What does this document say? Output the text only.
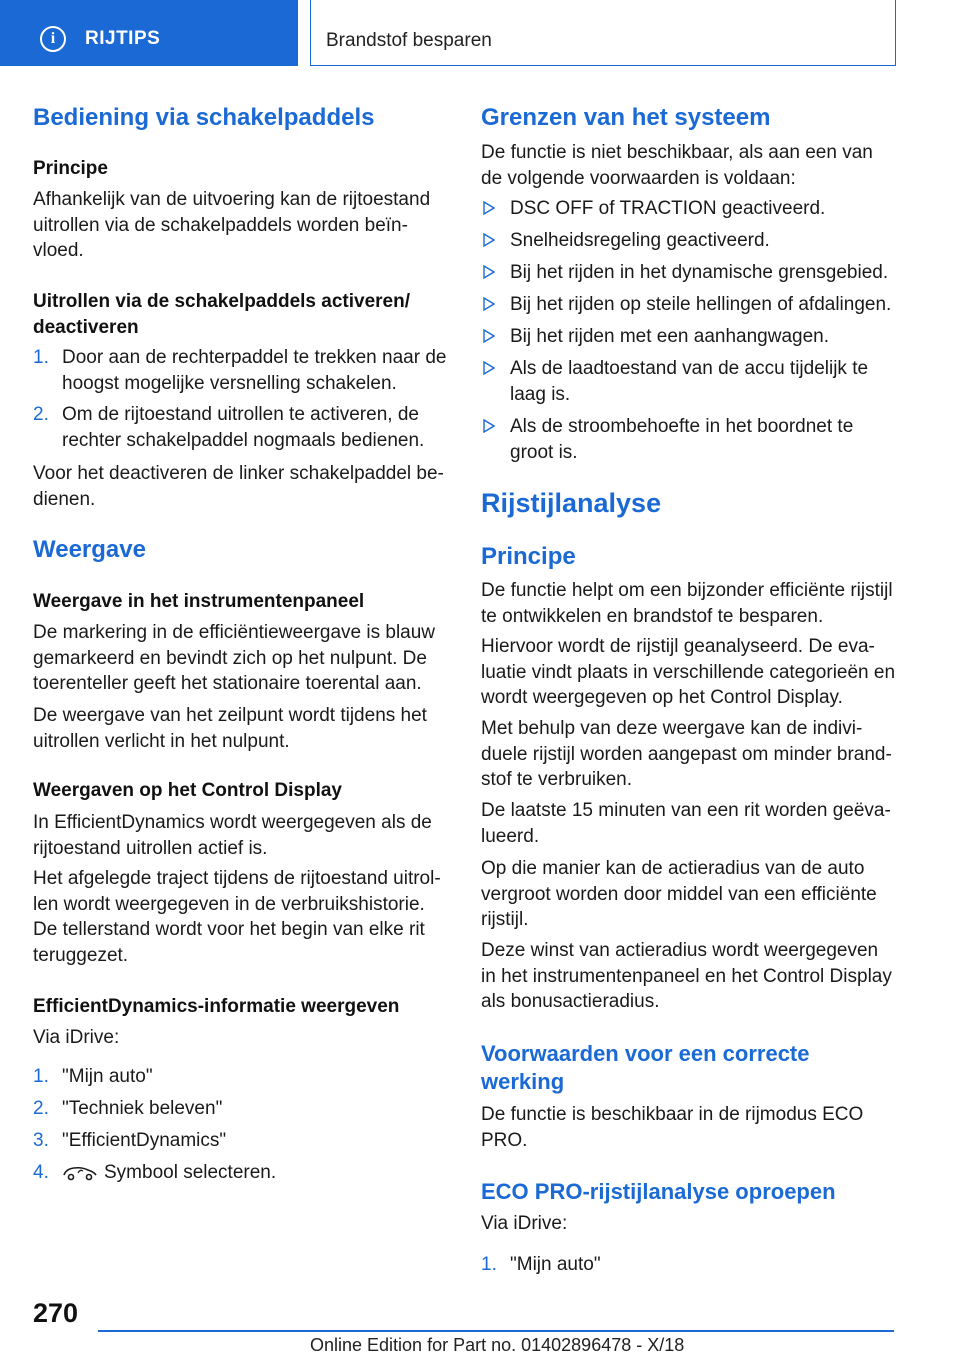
i	RIJTIPS	Brandstof besparen
Bediening via schakelpaddels
Principe
Afhankelijk van de uitvoering kan de rijtoestand uitrollen via de schakelpaddels worden beïn-vloed.
Uitrollen via de schakelpaddels activeren/ deactiveren
1. Door aan de rechterpaddel te trekken naar de hoogst mogelijke versnelling schakelen.
2. Om de rijtoestand uitrollen te activeren, de rechter schakelpaddel nogmaals bedienen.
Voor het deactiveren de linker schakelpaddel be-dienen.
Weergave
Weergave in het instrumentenpaneel
De markering in de efficiëntieweergave is blauw gemarkeerd en bevindt zich op het nulpunt. De toerenteller geeft het stationaire toerental aan.
De weergave van het zeilpunt wordt tijdens het uitrollen verlicht in het nulpunt.
Weergaven op het Control Display
In EfficientDynamics wordt weergegeven als de rijtoestand uitrollen actief is.
Het afgelegde traject tijdens de rijtoestand uitrol-len wordt weergegeven in de verbruikshistorie. De tellerstand wordt voor het begin van elke rit teruggezet.
EfficientDynamics-informatie weergeven
Via iDrive:
1. "Mijn auto"
2. "Techniek beleven"
3. "EfficientDynamics"
4.	Symbool selecteren.
Grenzen van het systeem
De functie is niet beschikbaar, als aan een van de volgende voorwaarden is voldaan:
DSC OFF of TRACTION geactiveerd.
Snelheidsregeling geactiveerd.
Bij het rijden in het dynamische grensgebied.
Bij het rijden op steile hellingen of afdalingen.
Bij het rijden met een aanhangwagen.
Als de laadtoestand van de accu tijdelijk te laag is.
Als de stroombehoefte in het boordnet te groot is.
Rijstijlanalyse
Principe
De functie helpt om een bijzonder efficiënte rijstijl te ontwikkelen en brandstof te besparen.
Hiervoor wordt de rijstijl geanalyseerd. De eva-luatie vindt plaats in verschillende categorieën en wordt weergegeven op het Control Display.
Met behulp van deze weergave kan de indivi-duele rijstijl worden aangepast om minder brand-stof te verbruiken.
De laatste 15 minuten van een rit worden geëva-lueerd.
Op die manier kan de actieradius van de auto vergroot worden door middel van een efficiënte rijstijl.
Deze winst van actieradius wordt weergegeven in het instrumentenpaneel en het Control Display als bonusactieradius.
Voorwaarden voor een correcte werking
De functie is beschikbaar in de rijmodus ECO PRO.
ECO PRO-rijstijlanalyse oproepen
Via iDrive:
1. "Mijn auto"
270
Online Edition for Part no. 01402896478 - X/18
